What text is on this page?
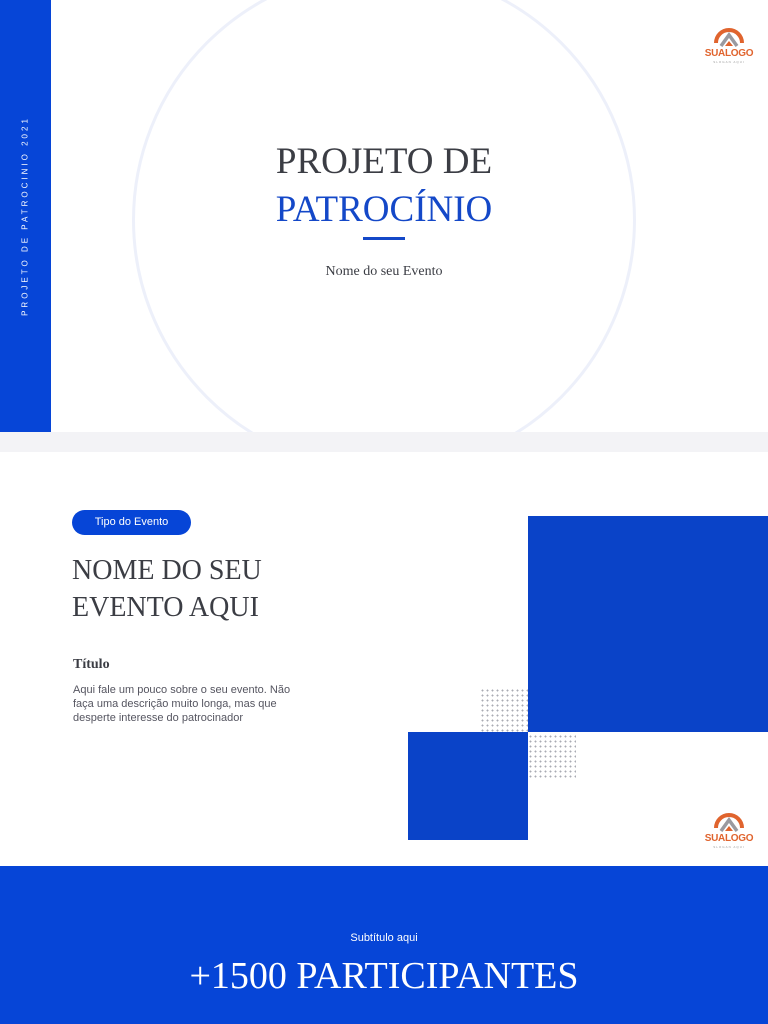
PROJETO DE PATROCINIO 2021
SUALOGO
SLOGAN AQUI
PROJETO DE
PATROCÍNIO
Nome do seu Evento
Tipo do Evento
NOME DO SEU EVENTO AQUI
Título
Aqui fale um pouco sobre o seu evento. Não faça uma descrição muito longa, mas que desperte interesse do patrocinador
SUALOGO
SLOGAN AQUI
Subtítulo aqui
+1500 PARTICIPANTES
